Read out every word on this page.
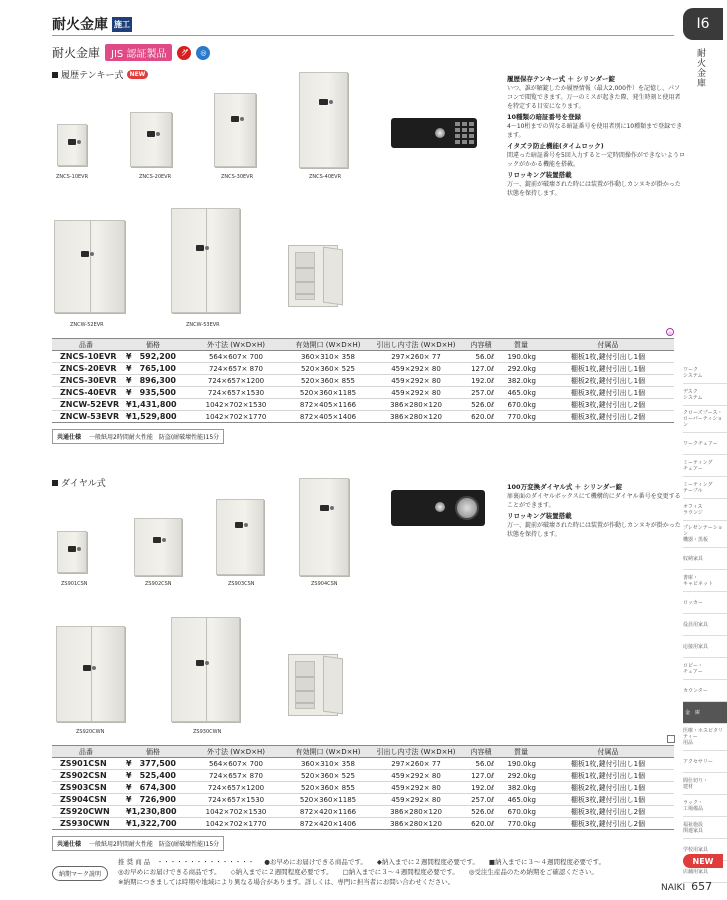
耐火金庫 施工
耐火金庫	JIS 認証製品	グ	◎
履歴テンキー式	NEW
ZNCS-10EVR	ZNCS-20EVR	ZNCS-30EVR	ZNCS-40EVR
ZNCW-52EVR	ZNCW-53EVR
履歴保存テンキー式 ＋ シリンダー錠

いつ、誰が解錠したか履歴情報（最大2,000件）を記憶し、パソコンで閲覧できます。万一のミスが起きた際、発生時刻と使用者を特定する目安になります。

10種類の暗証番号を登録

4～10桁までの異なる暗証番号を使用者別に10種類まで登録できます。

イタズラ防止機能(タイムロック)

間違った暗証番号を5回入力すると一定時間操作ができないようロックがかかる機能を搭載。

リロッキング装置搭載

万一、錠前が破壊された時には装置が作動しカンヌキが掛かった状態を保持します。

◎
品番	価格	外寸法 (W×D×H)	有効開口 (W×D×H)	引出し内寸法 (W×D×H)	内容積	質量	付属品
ZNCS-10EVR	¥　592,200	564×607× 700	360×310× 358	297×260× 77	56.0ℓ	190.0kg	棚板1枚,鍵付引出し1個
ZNCS-20EVR	¥　765,100	724×657× 870	520×360× 525	459×292× 80	127.0ℓ	292.0kg	棚板1枚,鍵付引出し1個
ZNCS-30EVR	¥　896,300	724×657×1200	520×360× 855	459×292× 80	192.0ℓ	382.0kg	棚板2枚,鍵付引出し1個
ZNCS-40EVR	¥　935,500	724×657×1530	520×360×1185	459×292× 80	257.0ℓ	465.0kg	棚板3枚,鍵付引出し1個
ZNCW-52EVR	¥1,431,800	1042×702×1530	872×405×1166	386×280×120	526.0ℓ	670.0kg	棚板3枚,鍵付引出し2個
ZNCW-53EVR	¥1,529,800	1042×702×1770	872×405×1406	386×280×120	620.0ℓ	770.0kg	棚板3枚,鍵付引出し2個
共通仕様 一般紙用2時間耐火性能　防盗(耐破壊性能)15分
ダイヤル式
ZS901CSN	ZS902CSN	ZS903CSN	ZS904CSN
ZS920CWN	ZS930CWN
100万変換ダイヤル式 ＋ シリンダー錠

扉裏面のダイヤルボックスにて機構的にダイヤル番号を変更することができます。

リロッキング装置搭載

万一、錠前が破壊された時には装置が作動しカンヌキが掛かった状態を保持します。

品番	価格	外寸法 (W×D×H)	有効開口 (W×D×H)	引出し内寸法 (W×D×H)	内容積	質量	付属品
ZS901CSN	¥　377,500	564×607× 700	360×310× 358	297×260× 77	56.0ℓ	190.0kg	棚板1枚,鍵付引出し1個
ZS902CSN	¥　525,400	724×657× 870	520×360× 525	459×292× 80	127.0ℓ	292.0kg	棚板1枚,鍵付引出し1個
ZS903CSN	¥　674,300	724×657×1200	520×360× 855	459×292× 80	192.0ℓ	382.0kg	棚板2枚,鍵付引出し1個
ZS904CSN	¥　726,900	724×657×1530	520×360×1185	459×292× 80	257.0ℓ	465.0kg	棚板3枚,鍵付引出し1個
ZS920CWN	¥1,230,800	1042×702×1530	872×420×1166	386×280×120	526.0ℓ	670.0kg	棚板3枚,鍵付引出し2個
ZS930CWN	¥1,322,700	1042×702×1770	872×420×1406	386×280×120	620.0ℓ	770.0kg	棚板3枚,鍵付引出し2個
共通仕様 一般紙用2時間耐火性能　防盗(耐破壊性能)15分
I6
耐火金庫
ワーク
システム
デスク
システム
クローズブース・
ローパーティション
ワークチェアー
ミーティング
チェアー
ミーティング
テーブル
オフィス
ラウンジ
プレゼンテーション
機器・黒板
収納家具
書庫・
キャビネット
ロッカー
役員用家具
応接用家具
ロビー・
チェアー
カウンター
金　庫
医療・ホスピタリティー
用品
アクセサリー
間仕切り・
建材
ラック・
工場備品
福祉施設
関連家具
学校用家具
店舗用家具
納期マーク説明
推 奨 商 品　・・・・・・・・・・・・・・・ ●お早めにお届けできる商品です。 ◆納入までに２週間程度必要です。 ■納入までに３～４週間程度必要です。
◎お早めにお届けできる商品です。 ◇納入までに２週間程度必要です。 □納入までに３～４週間程度必要です。 ◎受注生産品のため納期をご確認ください。
※納期につきましては時期や地域により異なる場合があります。詳しくは、専門に担当者にお問い合わせください。
NEW
NAIKI 657
